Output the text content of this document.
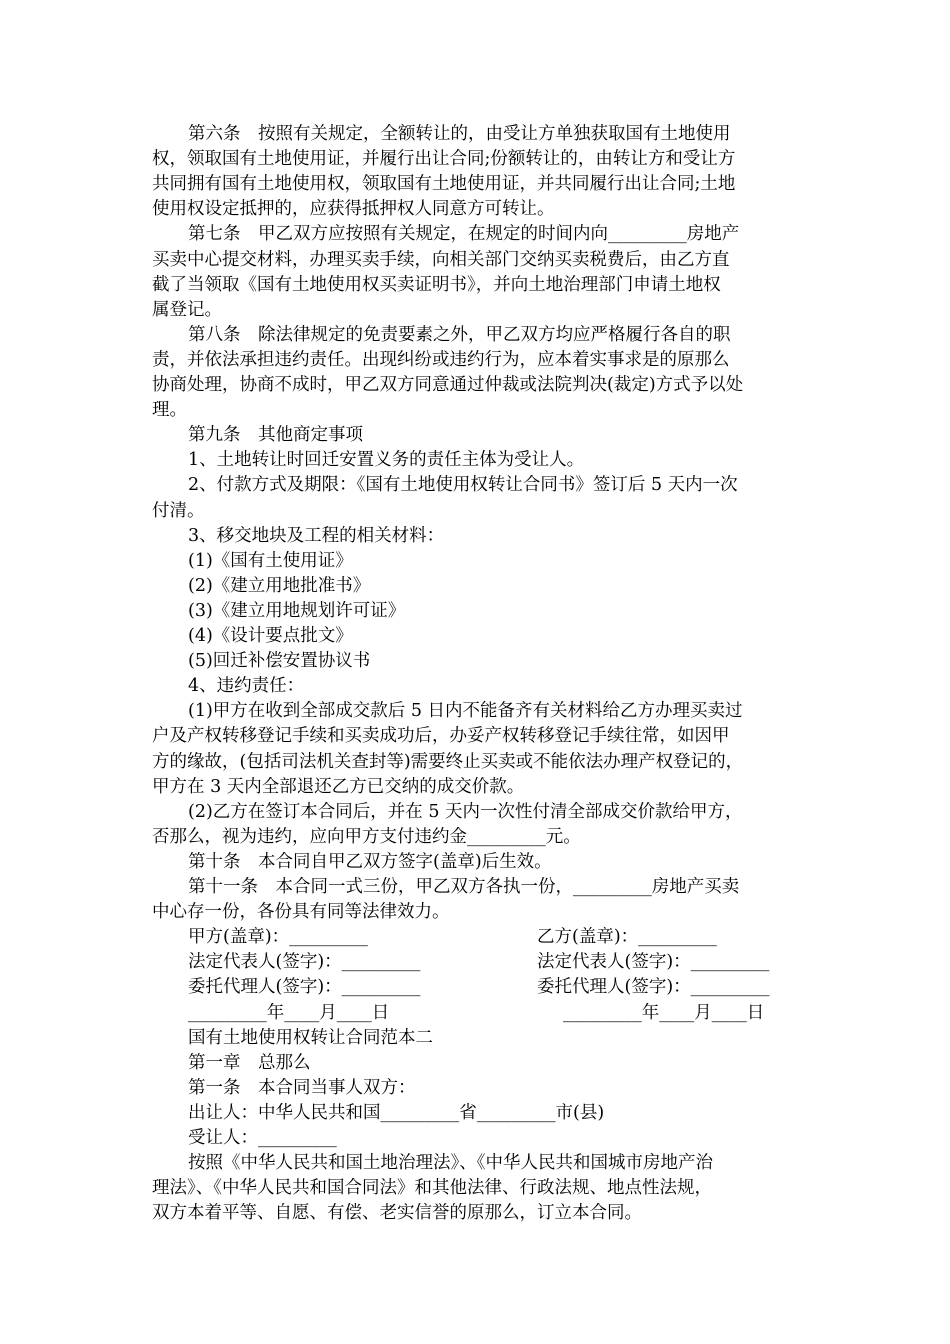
第六条　按照有关规定，全额转让的，由受让方单独获取国有土地使用
权，领取国有土地使用证，并履行出让合同;份额转让的，由转让方和受让方
共同拥有国有土地使用权，领取国有土地使用证，并共同履行出让合同;土地
使用权设定抵押的，应获得抵押权人同意方可转让。
第七条　甲乙双方应按照有关规定，在规定的时间内向_________房地产
买卖中心提交材料，办理买卖手续，向相关部门交纳买卖税费后，由乙方直
截了当领取《国有土地使用权买卖证明书》，并向土地治理部门申请土地权
属登记。
第八条　除法律规定的免责要素之外，甲乙双方均应严格履行各自的职
责，并依法承担违约责任。出现纠纷或违约行为，应本着实事求是的原那么
协商处理，协商不成时，甲乙双方同意通过仲裁或法院判决(裁定)方式予以处
理。
第九条　其他商定事项
1、土地转让时回迁安置义务的责任主体为受让人。
2、付款方式及期限：《国有土地使用权转让合同书》签订后 5 天内一次
付清。
3、移交地块及工程的相关材料：
(1)《国有土使用证》
(2)《建立用地批准书》
(3)《建立用地规划许可证》
(4)《设计要点批文》
(5)回迁补偿安置协议书
4、违约责任：
(1)甲方在收到全部成交款后 5 日内不能备齐有关材料给乙方办理买卖过
户及产权转移登记手续和买卖成功后，办妥产权转移登记手续往常，如因甲
方的缘故，(包括司法机关查封等)需要终止买卖或不能依法办理产权登记的，
甲方在 3 天内全部退还乙方已交纳的成交价款。
(2)乙方在签订本合同后，并在 5 天内一次性付清全部成交价款给甲方，
否那么，视为违约，应向甲方支付违约金_________元。
第十条　本合同自甲乙双方签字(盖章)后生效。
第十一条　本合同一式三份，甲乙双方各执一份，_________房地产买卖
中心存一份，各份具有同等法律效力。
甲方(盖章)：_________	乙方(盖章)：_________
法定代表人(签字)：_________	法定代表人(签字)：_________
委托代理人(签字)：_________	委托代理人(签字)：_________
_________年____月____日	_________年____月____日
国有土地使用权转让合同范本二
第一章　总那么
第一条　本合同当事人双方：
出让人：中华人民共和国_________省_________市(县)
受让人：_________
按照《中华人民共和国土地治理法》、《中华人民共和国城市房地产治
理法》、《中华人民共和国合同法》和其他法律、行政法规、地点性法规，
双方本着平等、自愿、有偿、老实信誉的原那么，订立本合同。
